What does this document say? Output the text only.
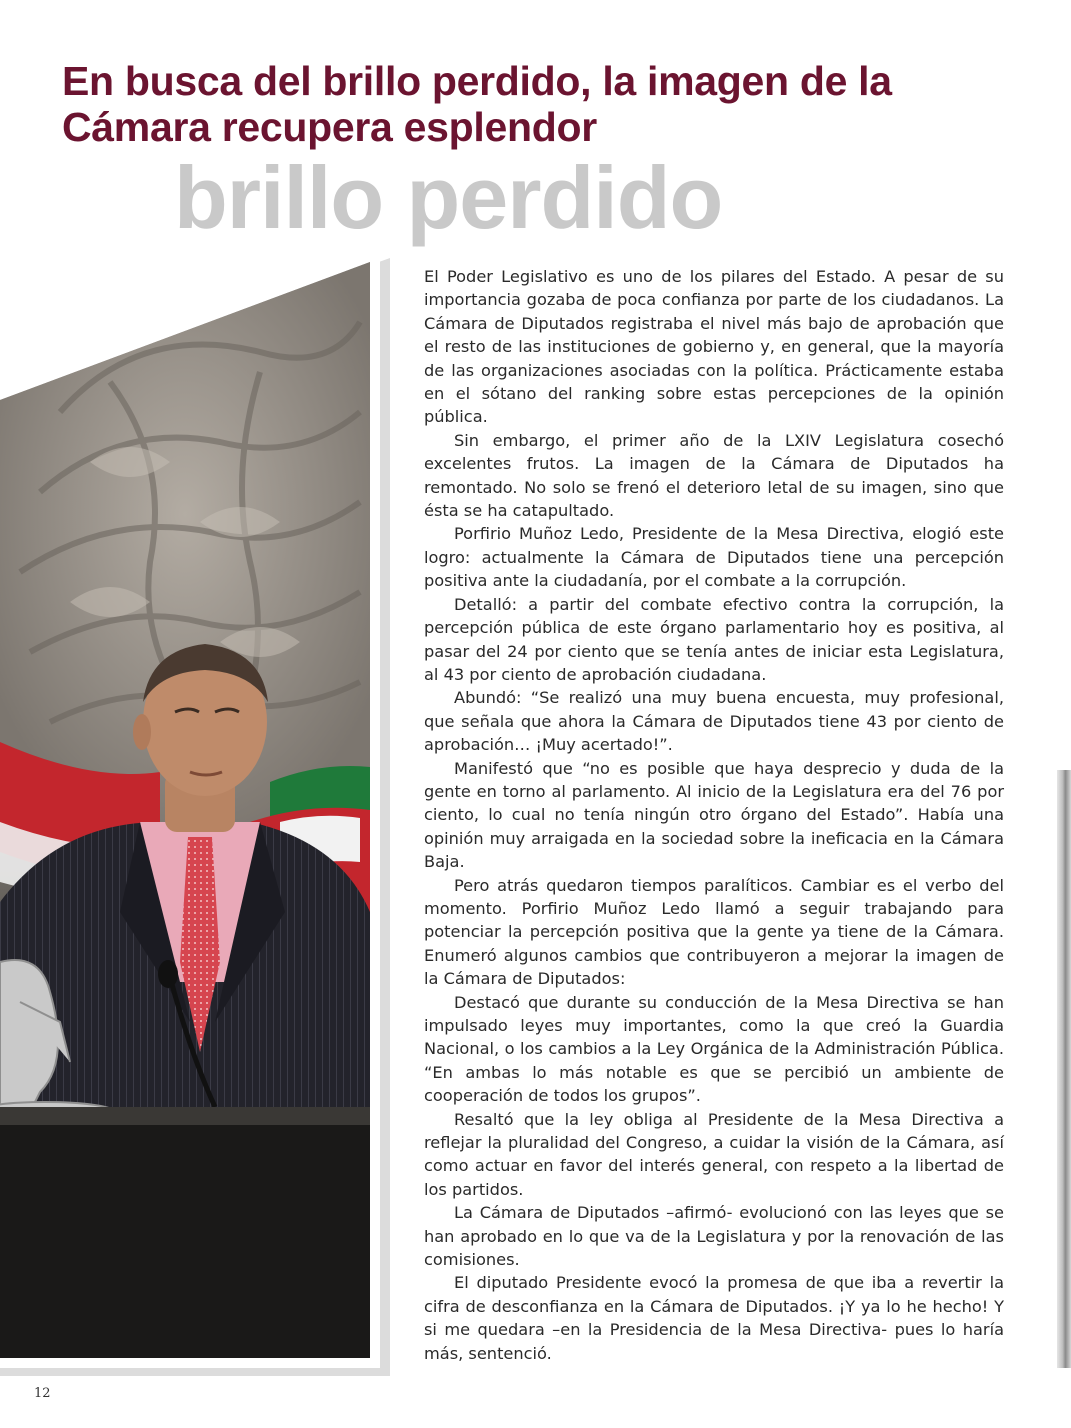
En busca del brillo perdido, la imagen de la
Cámara recupera esplendor
brillo perdido

El Poder Legislativo es uno de los pilares del Estado. A pesar de su importancia gozaba de poca confianza por parte de los ciudadanos. La Cámara de Diputados registraba el nivel más bajo de aprobación que el resto de las instituciones de gobierno y, en general, que la mayoría de las organizaciones asociadas con la política. Prácticamente estaba en el sótano del ranking sobre estas percepciones de la opinión pública.

Sin embargo, el primer año de la LXIV Legislatura cosechó excelentes frutos. La imagen de la Cámara de Diputados ha remontado. No solo se frenó el deterioro letal de su imagen, sino que ésta se ha catapultado.

Porfirio Muñoz Ledo, Presidente de la Mesa Directiva, elogió este logro: actualmente la Cámara de Diputados tiene una percepción positiva ante la ciudadanía, por el combate a la corrupción.

Detalló: a partir del combate efectivo contra la corrupción, la percepción pública de este órgano parlamentario hoy es positiva, al pasar del 24 por ciento que se tenía antes de iniciar esta Legislatura, al 43 por ciento de aprobación ciudadana.

Abundó: “Se realizó una muy buena encuesta, muy profesional, que señala que ahora la Cámara de Diputados tiene 43 por ciento de aprobación… ¡Muy acertado!”.

Manifestó que “no es posible que haya desprecio y duda de la gente en torno al parlamento. Al inicio de la Legislatura era del 76 por ciento, lo cual no tenía ningún otro órgano del Estado”. Había una opinión muy arraigada en la sociedad sobre la ineficacia en la Cámara Baja.

Pero atrás quedaron tiempos paralíticos. Cambiar es el verbo del momento. Porfirio Muñoz Ledo llamó a seguir trabajando para potenciar la percepción positiva que la gente ya tiene de la Cámara. Enumeró algunos cambios que contribuyeron a mejorar la imagen de la Cámara de Diputados:

Destacó que durante su conducción de la Mesa Directiva se han impulsado leyes muy importantes, como la que creó la Guardia Nacional, o los cambios a la Ley Orgánica de la Administración Pública. “En ambas lo más notable es que se percibió un ambiente de cooperación de todos los grupos”.

Resaltó que la ley obliga al Presidente de la Mesa Directiva a reflejar la pluralidad del Congreso, a cuidar la visión de la Cámara, así como actuar en favor del interés general, con respeto a la libertad de los partidos.

La Cámara de Diputados –afirmó- evolucionó con las leyes que se han aprobado en lo que va de la Legislatura y por la renovación de las comisiones.

El diputado Presidente evocó la promesa de que iba a revertir la cifra de desconfianza en la Cámara de Diputados. ¡Y ya lo he hecho! Y si me quedara –en la Presidencia de la Mesa Directiva- pues lo haría más, sentenció.

12
